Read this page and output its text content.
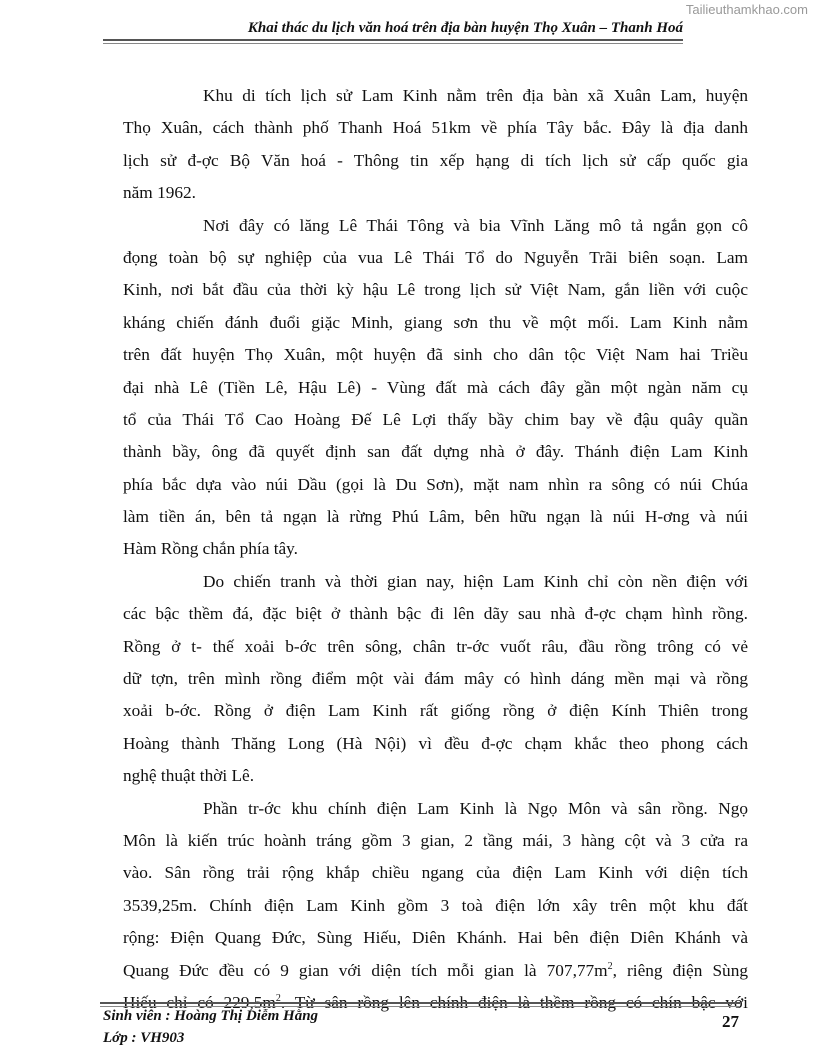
Tailieuthamkhao.com
Khai thác du lịch văn hoá trên địa bàn huyện Thọ Xuân – Thanh Hoá
Khu di tích lịch sử Lam Kinh nằm trên địa bàn xã Xuân Lam, huyện
Thọ Xuân, cách thành phố Thanh Hoá 51km về phía Tây bắc. Đây là địa danh
lịch sử đ-ợc Bộ Văn hoá - Thông tin xếp hạng di tích lịch sử cấp quốc gia
năm 1962.
Nơi đây có lăng Lê Thái Tông và bia Vĩnh Lăng mô tả ngắn gọn cô
đọng toàn bộ sự nghiệp của vua Lê Thái Tổ do Nguyễn Trãi biên soạn. Lam
Kinh, nơi bắt đầu của thời kỳ hậu Lê trong lịch sử Việt Nam, gắn liền với cuộc
kháng chiến đánh đuổi giặc Minh, giang sơn thu về một mối. Lam Kinh nằm
trên đất huyện Thọ Xuân, một huyện đã sinh cho dân tộc Việt Nam hai Triều
đại nhà Lê (Tiền Lê, Hậu Lê) - Vùng đất mà cách đây gần một ngàn năm cụ
tổ của Thái Tổ Cao Hoàng Đế Lê Lợi thấy bầy chim bay về đậu quây quần
thành bầy, ông đã quyết định san đất dựng nhà ở đây. Thánh điện Lam Kinh
phía bắc dựa vào núi Dầu (gọi là Du Sơn), mặt nam nhìn ra sông có núi Chúa
làm tiền án, bên tả ngạn là rừng Phú Lâm, bên hữu ngạn là núi H-ơng và núi
Hàm Rồng chắn phía tây.
Do chiến tranh và thời gian nay, hiện Lam Kinh chỉ còn nền điện với
các bậc thềm đá, đặc biệt ở thành bậc đi lên dãy sau nhà đ-ợc chạm hình rồng.
Rồng ở t- thế xoải b-ớc trên sông, chân tr-ớc vuốt râu, đầu rồng trông có vẻ
dữ tợn, trên mình rồng điểm một vài đám mây có hình dáng mền mại và rồng
xoải b-ớc. Rồng ở điện Lam Kinh rất giống rồng ở điện Kính Thiên trong
Hoàng thành Thăng Long (Hà Nội) vì đều đ-ợc chạm khắc theo phong cách
nghệ thuật thời Lê.
Phần tr-ớc khu chính điện Lam Kinh là Ngọ Môn và sân rồng. Ngọ
Môn là kiến trúc hoành tráng gồm 3 gian, 2 tầng mái, 3 hàng cột và 3 cửa ra
vào. Sân rồng trải rộng khắp chiều ngang của điện Lam Kinh với diện tích
3539,25m. Chính điện Lam Kinh gồm 3 toà điện lớn xây trên một khu đất
rộng: Điện Quang Đức, Sùng Hiếu, Diên Khánh. Hai bên điện Diên Khánh và
Quang Đức đều có 9 gian với diện tích mỗi gian là $707,77m^2$, riêng điện Sùng
Hiếu chỉ có $229,5m^2$. Từ sân rồng lên chính điện là thềm rồng có chín bậc với
Sinh viên : Hoàng Thị Diễm Hằng
Lớp : VH903
27
